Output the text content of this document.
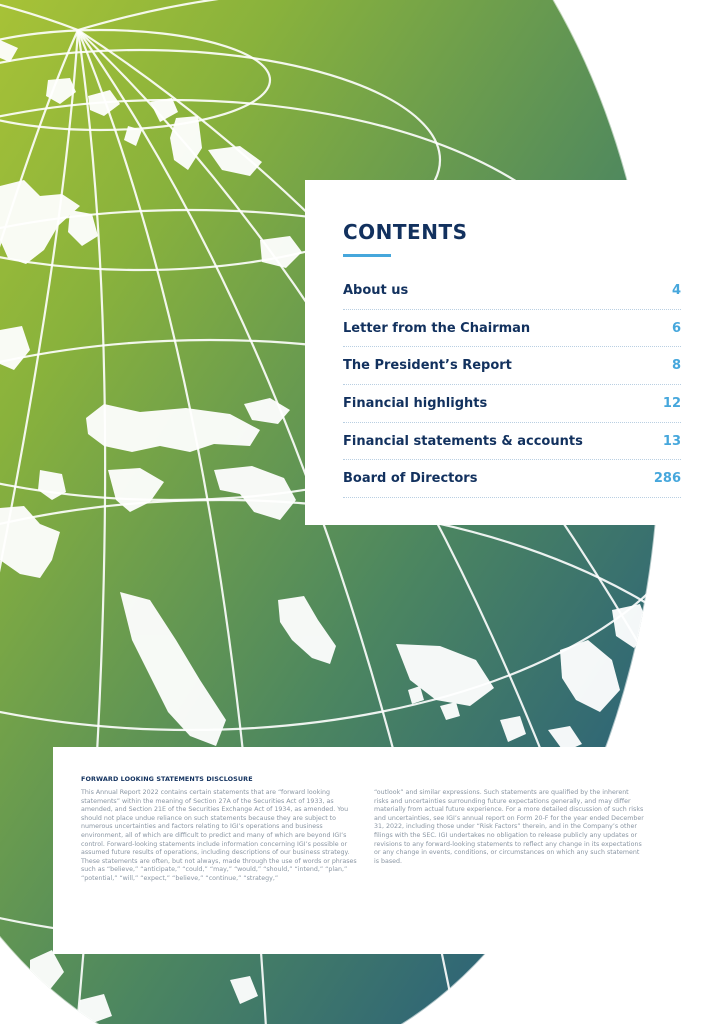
CONTENTS
About us	4
Letter from the Chairman	6
The President’s Report	8
Financial highlights	12
Financial statements & accounts	13
Board of Directors	286
FORWARD LOOKING STATEMENTS DISCLOSURE
This Annual Report 2022 contains certain statements that are “forward looking statements” within the meaning of Section 27A of the Securities Act of 1933, as amended, and Section 21E of the Securities Exchange Act of 1934, as amended. You should not place undue reliance on such statements because they are subject to numerous uncertainties and factors relating to IGI’s operations and business environment, all of which are difficult to predict and many of which are beyond IGI’s control. Forward-looking statements include information concerning IGI’s possible or assumed future results of operations, including descriptions of our business strategy. These statements are often, but not always, made through the use of words or phrases such as “believe,” “anticipate,” “could,” “may,” “would,” “should,” “intend,” “plan,” “potential,” “will,” “expect,” “believe,” “continue,” “strategy,”
“outlook” and similar expressions. Such statements are qualified by the inherent risks and uncertainties surrounding future expectations generally, and may differ materially from actual future experience. For a more detailed discussion of such risks and uncertainties, see IGI’s annual report on Form 20-F for the year ended December 31, 2022, including those under “Risk Factors” therein, and in the Company’s other filings with the SEC. IGI undertakes no obligation to release publicly any updates or revisions to any forward-looking statements to reflect any change in its expectations or any change in events, conditions, or circumstances on which any such statement is based.
